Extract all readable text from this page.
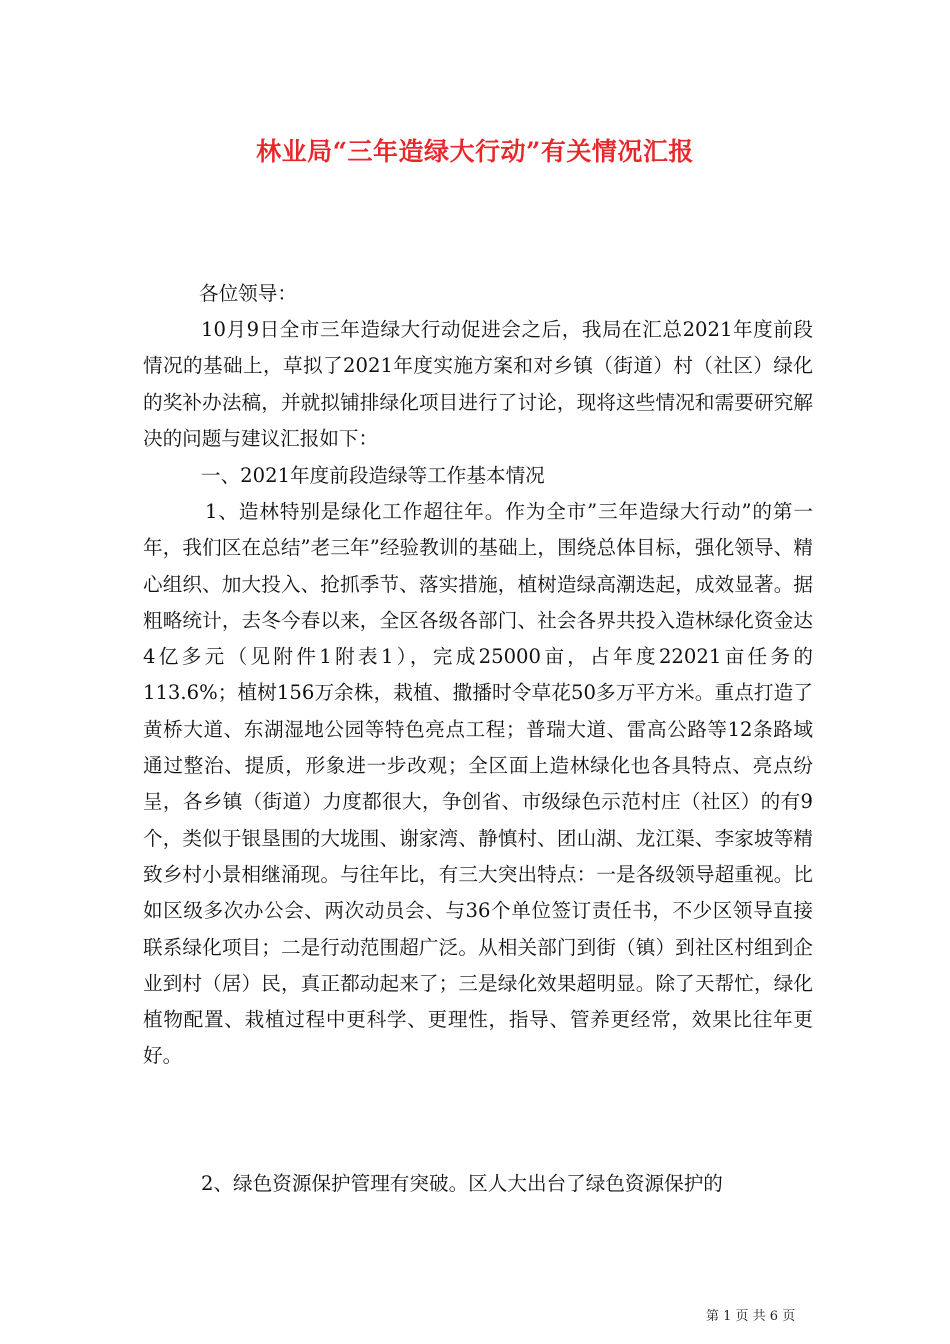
林业局“三年造绿大行动”有关情况汇报

各位领导：

10月9日全市三年造绿大行动促进会之后，我局在汇总2021年度前段情况的基础上，草拟了2021年度实施方案和对乡镇（街道）村（社区）绿化的奖补办法稿，并就拟铺排绿化项目进行了讨论，现将这些情况和需要研究解决的问题与建议汇报如下：

一、2021年度前段造绿等工作基本情况

1、造林特别是绿化工作超往年。作为全市”三年造绿大行动”的第一年，我们区在总结”老三年”经验教训的基础上，围绕总体目标，强化领导、精心组织、加大投入、抢抓季节、落实措施，植树造绿高潮迭起，成效显著。据粗略统计，去冬今春以来，全区各级各部门、社会各界共投入造林绿化资金达4亿多元（见附件1附表1），完成25000亩，占年度22021亩任务的113.6%；植树156万余株，栽植、撒播时令草花50多万平方米。重点打造了黄桥大道、东湖湿地公园等特色亮点工程；普瑞大道、雷高公路等12条路域通过整治、提质，形象进一步改观；全区面上造林绿化也各具特点、亮点纷呈，各乡镇（街道）力度都很大，争创省、市级绿色示范村庄（社区）的有9个，类似于银垦围的大垅围、谢家湾、静慎村、团山湖、龙江渠、李家坡等精致乡村小景相继涌现。与往年比，有三大突出特点：一是各级领导超重视。比如区级多次办公会、两次动员会、与36个单位签订责任书，不少区领导直接联系绿化项目；二是行动范围超广泛。从相关部门到街（镇）到社区村组到企业到村（居）民，真正都动起来了；三是绿化效果超明显。除了天帮忙，绿化植物配置、栽植过程中更科学、更理性，指导、管养更经常，效果比往年更好。

2、绿色资源保护管理有突破。区人大出台了绿色资源保护的

第 1 页 共 6 页
